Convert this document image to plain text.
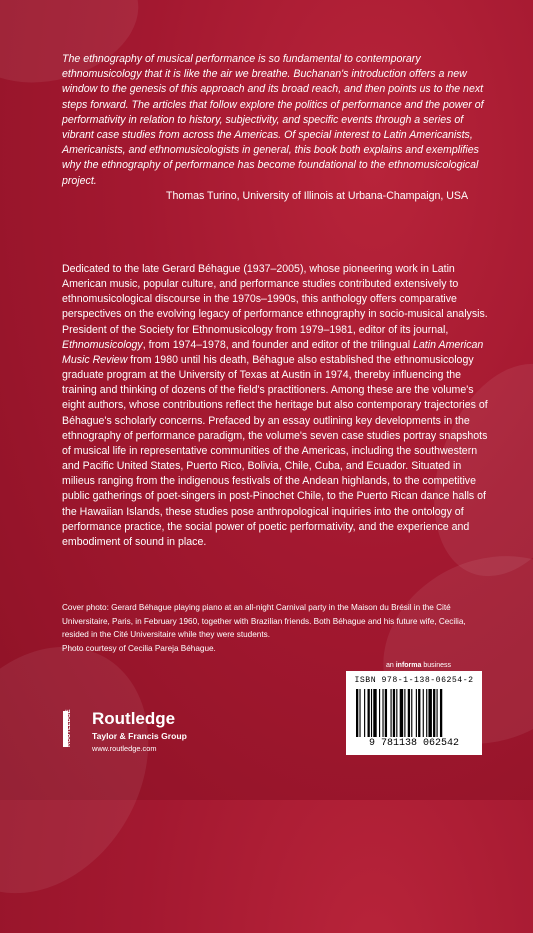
The ethnography of musical performance is so fundamental to contemporary ethnomusicology that it is like the air we breathe. Buchanan's introduction offers a new window to the genesis of this approach and its broad reach, and then points us to the next steps forward. The articles that follow explore the politics of performance and the power of performativity in relation to history, subjectivity, and specific events through a series of vibrant case studies from across the Americas. Of special interest to Latin Americanists, Americanists, and ethnomusicologists in general, this book both explains and exemplifies why the ethnography of performance has become foundational to the ethnomusicological project.
Thomas Turino, University of Illinois at Urbana-Champaign, USA
Dedicated to the late Gerard Béhague (1937–2005), whose pioneering work in Latin American music, popular culture, and performance studies contributed extensively to ethnomusicological discourse in the 1970s–1990s, this anthology offers comparative perspectives on the evolving legacy of performance ethnography in socio-musical analysis. President of the Society for Ethnomusicology from 1979–1981, editor of its journal, Ethnomusicology, from 1974–1978, and founder and editor of the trilingual Latin American Music Review from 1980 until his death, Béhague also established the ethnomusicology graduate program at the University of Texas at Austin in 1974, thereby influencing the training and thinking of dozens of the field's practitioners. Among these are the volume's eight authors, whose contributions reflect the heritage but also contemporary trajectories of Béhague's scholarly concerns. Prefaced by an essay outlining key developments in the ethnography of performance paradigm, the volume's seven case studies portray snapshots of musical life in representative communities of the Americas, including the southwestern and Pacific United States, Puerto Rico, Bolivia, Chile, Cuba, and Ecuador. Situated in milieus ranging from the indigenous festivals of the Andean highlands, to the competitive public gatherings of poet-singers in post-Pinochet Chile, to the Puerto Rican dance halls of the Hawaiian Islands, these studies pose anthropological inquiries into the ontology of performance practice, the social power of poetic performativity, and the experience and embodiment of sound in place.
Cover photo: Gerard Béhague playing piano at an all-night Carnival party in the Maison du Brésil in the Cité Universitaire, Paris, in February 1960, together with Brazilian friends. Both Béhague and his future wife, Cecilia, resided in the Cité Universitaire while they were students.
Photo courtesy of Cecilia Pareja Béhague.
an informa business
ISBN 978-1-138-06254-2
9 781138 062542
ROUTLEDGE Routledge
Taylor & Francis Group
www.routledge.com
